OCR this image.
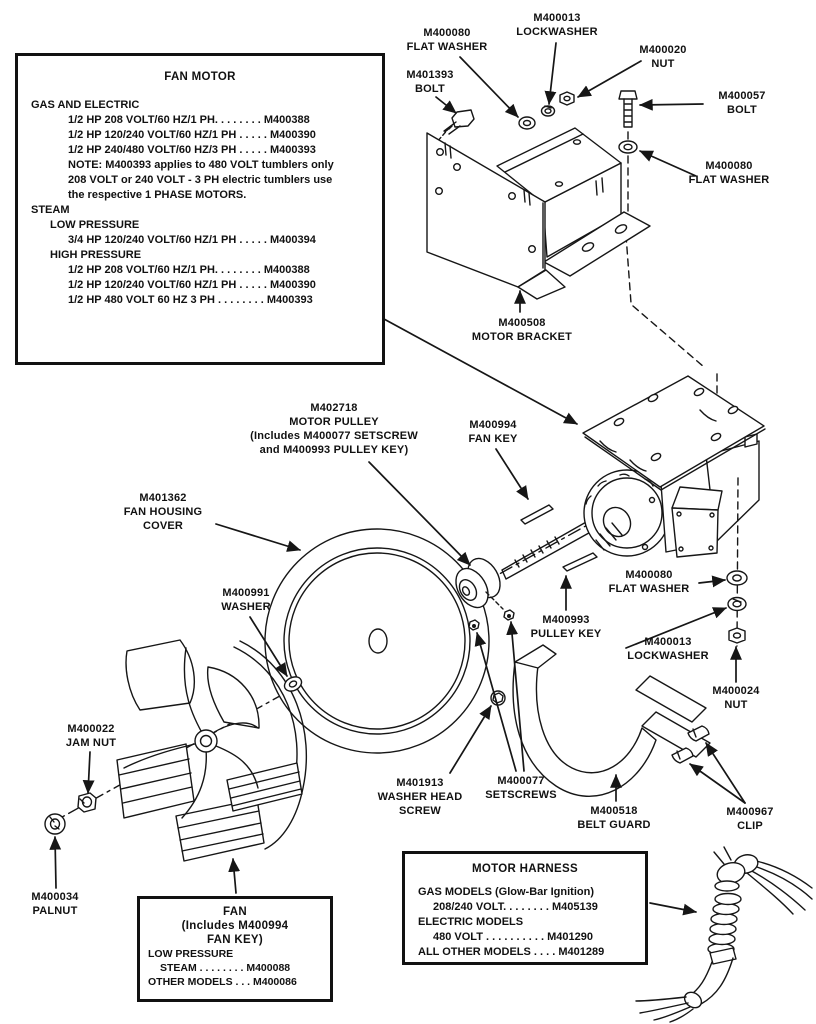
M400080
FLAT WASHER
M400013
LOCKWASHER
M400020
NUT
M401393
BOLT
M400057
BOLT
M400080
FLAT WASHER
M400508
MOTOR BRACKET
M402718
MOTOR PULLEY
(Includes M400077 SETSCREW
and M400993 PULLEY KEY)
M400994
FAN KEY
M401362
FAN HOUSING
COVER
M400991
WASHER
M400080
FLAT WASHER
M400993
PULLEY KEY
M400013
LOCKWASHER
M400024
NUT
M400022
JAM NUT
M400034
PALNUT
M401913
WASHER HEAD
SCREW
M400077
SETSCREWS
M400518
BELT GUARD
M400967
CLIP
FAN MOTOR
GAS AND ELECTRIC
1/2 HP 208 VOLT/60 HZ/1 PH. . . . . . . . M400388
1/2 HP 120/240 VOLT/60 HZ/1 PH . . . . . M400390
1/2 HP 240/480 VOLT/60 HZ/3 PH . . . . . M400393
NOTE: M400393 applies to 480 VOLT tumblers only
208 VOLT or 240 VOLT - 3 PH electric tumblers use
the respective 1 PHASE MOTORS.
STEAM
LOW PRESSURE
3/4 HP 120/240 VOLT/60 HZ/1 PH . . . . . M400394
HIGH PRESSURE
1/2 HP 208 VOLT/60 HZ/1 PH. . . . . . . . M400388
1/2 HP 120/240 VOLT/60 HZ/1 PH . . . . . M400390
1/2 HP 480 VOLT 60 HZ 3 PH . . . . . . . . M400393
FAN
(Includes M400994
FAN KEY)
LOW PRESSURE
STEAM . . . . . . . . M400088
OTHER MODELS . . . M400086
MOTOR HARNESS
GAS MODELS (Glow-Bar Ignition)
208/240 VOLT. . . . . . . . M405139
ELECTRIC MODELS
480 VOLT . . . . . . . . . . M401290
ALL OTHER MODELS . . . . M401289
